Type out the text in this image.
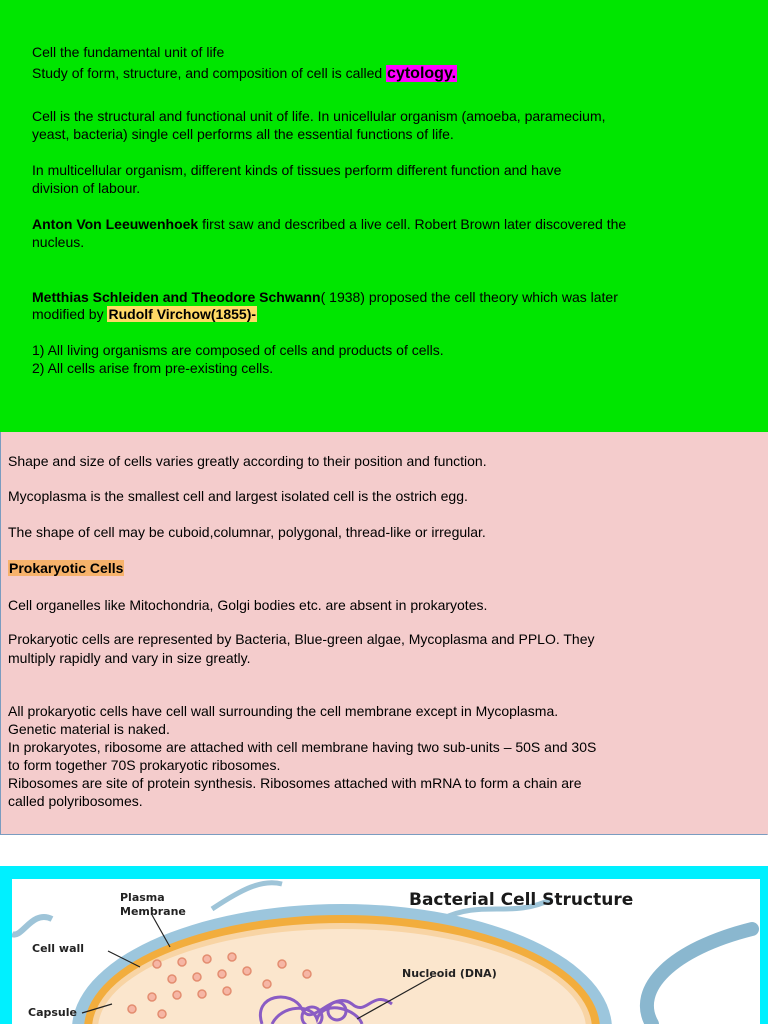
Cell the fundamental unit of life

Study of form, structure, and composition of cell is called cytology.

Cell is the structural and functional unit of life. In unicellular organism (amoeba, paramecium,

yeast, bacteria) single cell performs all the essential functions of life.

In multicellular organism, different kinds of tissues perform different function and have

division of labour.

Anton Von Leeuwenhoek first saw and described a live cell. Robert Brown later discovered the

nucleus.

Metthias Schleiden and Theodore Schwann( 1938) proposed the cell theory which was later

modified by Rudolf Virchow(1855)-

1) All living organisms are composed of cells and products of cells.

2) All cells arise from pre-existing cells.

Shape and size of cells varies greatly according to their position and function.

Mycoplasma is the smallest cell and largest isolated cell is the ostrich egg.

The shape of cell may be cuboid,columnar, polygonal, thread-like or irregular.

Prokaryotic Cells

Cell organelles like Mitochondria, Golgi bodies etc. are absent in prokaryotes.

Prokaryotic cells are represented by Bacteria, Blue-green algae, Mycoplasma and PPLO. They

multiply rapidly and vary in size greatly.

All prokaryotic cells have cell wall surrounding the cell membrane except in Mycoplasma.

Genetic material is naked.

In prokaryotes, ribosome are attached with cell membrane having two sub-units – 50S and 30S

to form together 70S prokaryotic ribosomes.

Ribosomes are site of protein synthesis. Ribosomes attached with mRNA to form a chain are

called polyribosomes.

Plasma
Membrane
Cell wall
Capsule
Nucleoid (DNA)
Bacterial Cell Structure
